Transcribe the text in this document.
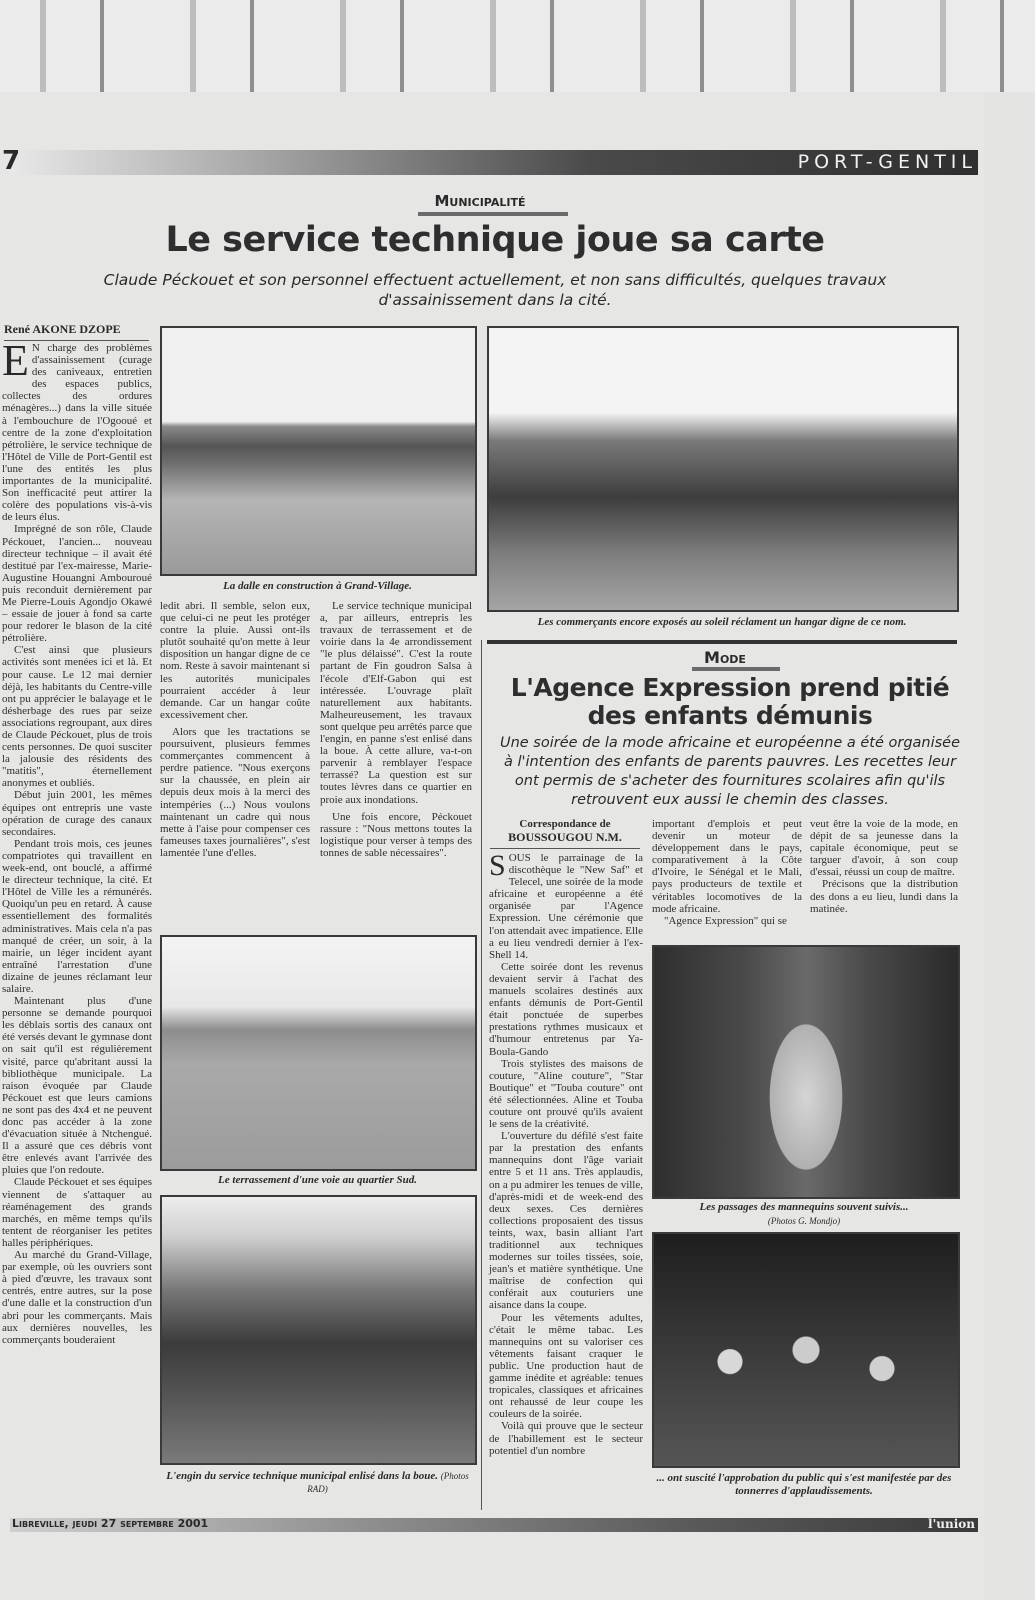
7	PORT-GENTIL
Municipalité
Le service technique joue sa carte
Claude Péckouet et son personnel effectuent actuellement, et non sans difficultés, quelques travaux d'assainissement dans la cité.
René AKONE DZOPE

E N charge des problèmes d'assainissement (curage des caniveaux, entretien des espaces publics, collectes des ordures ménagères...) dans la ville située à l'embouchure de l'Ogooué et centre de la zone d'exploitation pétrolière, le service technique de l'Hôtel de Ville de Port-Gentil est l'une des entités les plus importantes de la municipalité. Son inefficacité peut attirer la colère des populations vis-à-vis de leurs élus.

Imprégné de son rôle, Claude Péckouet, l'ancien... nouveau directeur technique – il avait été destitué par l'ex-mairesse, Marie-Augustine Houangni Ambouroué puis reconduit dernièrement par Me Pierre-Louis Agondjo Okawé – essaie de jouer à fond sa carte pour redorer le blason de la cité pétrolière.

C'est ainsi que plusieurs activités sont menées ici et là. Et pour cause. Le 12 mai dernier déjà, les habitants du Centre-ville ont pu apprécier le balayage et le désherbage des rues par seize associations regroupant, aux dires de Claude Péckouet, plus de trois cents personnes. De quoi susciter la jalousie des résidents des "matitis", éternellement anonymes et oubliés.

Début juin 2001, les mêmes équipes ont entrepris une vaste opération de curage des canaux secondaires.

Pendant trois mois, ces jeunes compatriotes qui travaillent en week-end, ont bouclé, a affirmé le directeur technique, la cité. Et l'Hôtel de Ville les a rémunérés. Quoiqu'un peu en retard. À cause essentiellement des formalités administratives. Mais cela n'a pas manqué de créer, un soir, à la mairie, un léger incident ayant entraîné l'arrestation d'une dizaine de jeunes réclamant leur salaire.

Maintenant plus d'une personne se demande pourquoi les déblais sortis des canaux ont été versés devant le gymnase dont on sait qu'il est régulièrement visité, parce qu'abritant aussi la bibliothèque municipale. La raison évoquée par Claude Péckouet est que leurs camions ne sont pas des 4x4 et ne peuvent donc pas accéder à la zone d'évacuation située à Ntchengué. Il a assuré que ces débris vont être enlevés avant l'arrivée des pluies que l'on redoute.

Claude Péckouet et ses équipes viennent de s'attaquer au réaménagement des grands marchés, en même temps qu'ils tentent de réorganiser les petites halles périphériques.

Au marché du Grand-Village, par exemple, où les ouvriers sont à pied d'œuvre, les travaux sont centrés, entre autres, sur la pose d'une dalle et la construction d'un abri pour les commerçants. Mais aux dernières nouvelles, les commerçants bouderaient

La dalle en construction à Grand-Village.
Les commerçants encore exposés au soleil réclament un hangar digne de ce nom.

ledit abri. Il semble, selon eux, que celui-ci ne peut les protéger contre la pluie. Aussi ont-ils plutôt souhaité qu'on mette à leur disposition un hangar digne de ce nom. Reste à savoir maintenant si les autorités municipales pourraient accéder à leur demande. Car un hangar coûte excessivement cher.

Alors que les tractations se poursuivent, plusieurs femmes commerçantes commencent à perdre patience. "Nous exerçons sur la chaussée, en plein air depuis deux mois à la merci des intempéries (...) Nous voulons maintenant un cadre qui nous mette à l'aise pour compenser ces fameuses taxes journalières", s'est lamentée l'une d'elles.

Le service technique municipal a, par ailleurs, entrepris les travaux de terrassement et de voirie dans la 4e arrondissement "le plus délaissé". C'est la route partant de Fin goudron Salsa à l'école d'Elf-Gabon qui est intéressée. L'ouvrage plaît naturellement aux habitants. Malheureusement, les travaux sont quelque peu arrêtés parce que l'engin, en panne s'est enlisé dans la boue. À cette allure, va-t-on parvenir à remblayer l'espace terrassé? La question est sur toutes lèvres dans ce quartier en proie aux inondations.

Une fois encore, Péckouet rassure : "Nous mettons toutes la logistique pour verser à temps des tonnes de sable nécessaires".

Le terrassement d'une voie au quartier Sud.
L'engin du service technique municipal enlisé dans la boue. (Photos RAD)
Mode
L'Agence Expression prend pitié des enfants démunis
Une soirée de la mode africaine et européenne a été organisée à l'intention des enfants de parents pauvres. Les recettes leur ont permis de s'acheter des fournitures scolaires afin qu'ils retrouvent eux aussi le chemin des classes.
Correspondance de
BOUSSOUGOU N.M.

SOUS le parrainage de la discothèque le "New Saf" et Telecel, une soirée de la mode africaine et européenne a été organisée par l'Agence Expression. Une cérémonie que l'on attendait avec impatience. Elle a eu lieu vendredi dernier à l'ex-Shell 14.

Cette soirée dont les revenus devaient servir à l'achat des manuels scolaires destinés aux enfants démunis de Port-Gentil était ponctuée de superbes prestations rythmes musicaux et d'humour entretenus par Ya-Boula-Gando

Trois stylistes des maisons de couture, "Aline couture", "Star Boutique" et "Touba couture" ont été sélectionnées. Aline et Touba couture ont prouvé qu'ils avaient le sens de la créativité.

L'ouverture du défilé s'est faite par la prestation des enfants mannequins dont l'âge variait entre 5 et 11 ans. Très applaudis, on a pu admirer les tenues de ville, d'après-midi et de week-end des deux sexes. Ces dernières collections proposaient des tissus teints, wax, basin alliant l'art traditionnel aux techniques modernes sur toiles tissées, soie, jean's et matière synthétique. Une maîtrise de confection qui conférait aux couturiers une aisance dans la coupe.

Pour les vêtements adultes, c'était le même tabac. Les mannequins ont su valoriser ces vêtements faisant craquer le public. Une production haut de gamme inédite et agréable: tenues tropicales, classiques et africaines ont rehaussé de leur coupe les couleurs de la soirée.

Voilà qui prouve que le secteur de l'habillement est le secteur potentiel d'un nombre

important d'emplois et peut devenir un moteur de développement dans le pays, comparativement à la Côte d'Ivoire, le Sénégal et le Mali, pays producteurs de textile et véritables locomotives de la mode africaine.

"Agence Expression" qui se

veut être la voie de la mode, en dépit de sa jeunesse dans la capitale économique, peut se targuer d'avoir, à son coup d'essai, réussi un coup de maître.

Précisons que la distribution des dons a eu lieu, lundi dans la matinée.

Les passages des mannequins souvent suivis...
(Photos G. Mondjo)
... ont suscité l'approbation du public qui s'est manifestée par des tonnerres d'applaudissements.
Libreville, jeudi 27 septembre 2001	l'union
